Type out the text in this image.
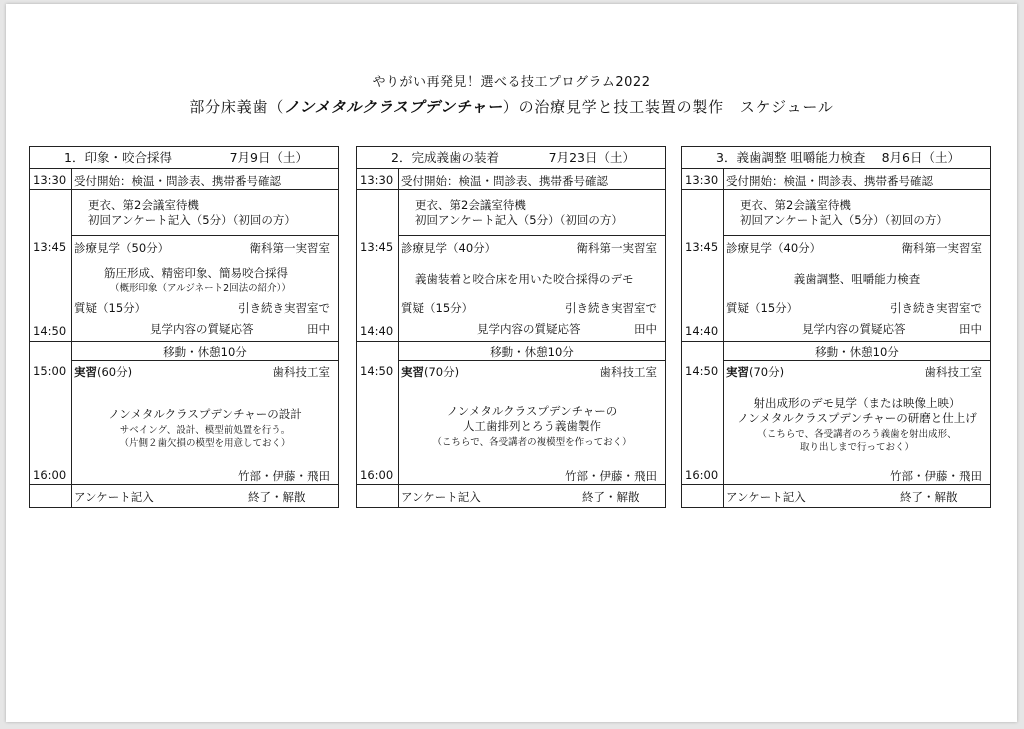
やりがい再発見！選べる技工プログラム2022
部分床義歯（ノンメタルクラスプデンチャー）の治療見学と技工装置の製作　スケジュール
1．印象・咬合採得	7月9日（土）
13:30 受付開始：検温・問診表、携帯番号確認
更衣、第2会議室待機
初回アンケート記入（5分）（初回の方）
13:45 診療見学（50分）	衛科第一実習室
筋圧形成、精密印象、簡易咬合採得
（概形印象（アルジネート2回法の紹介））
質疑（15分）	引き続き実習室で
14:50	見学内容の質疑応答	田中
移動・休憩10分
15:00 実習(60分)	歯科技工室
ノンメタルクラスプデンチャーの設計
サベイング、設計、模型前処置を行う。
（片側２歯欠損の模型を用意しておく）
16:00	竹部・伊藤・飛田
アンケート記入	終了・解散
2．完成義歯の装着	7月23日（土）
13:30 受付開始：検温・問診表、携帯番号確認
更衣、第2会議室待機
初回アンケート記入（5分）（初回の方）
13:45 診療見学（40分）	衛科第一実習室
義歯装着と咬合床を用いた咬合採得のデモ
質疑（15分）	引き続き実習室で
14:40	見学内容の質疑応答	田中
移動・休憩10分
14:50 実習(70分)	歯科技工室
ノンメタルクラスプデンチャーの
人工歯排列とろう義歯製作
（こちらで、各受講者の複模型を作っておく）
16:00	竹部・伊藤・飛田
アンケート記入	終了・解散
3．義歯調整 咀嚼能力検査 8月6日（土）
13:30 受付開始：検温・問診表、携帯番号確認
更衣、第2会議室待機
初回アンケート記入（5分）（初回の方）
13:45 診療見学（40分）	衛科第一実習室
義歯調整、咀嚼能力検査
質疑（15分）	引き続き実習室で
14:40	見学内容の質疑応答	田中
移動・休憩10分
14:50 実習(70分)	歯科技工室
射出成形のデモ見学（または映像上映）
ノンメタルクラスプデンチャーの研磨と仕上げ
（こちらで、各受講者のろう義歯を射出成形、
取り出しまで行っておく）
16:00	竹部・伊藤・飛田
アンケート記入	終了・解散
